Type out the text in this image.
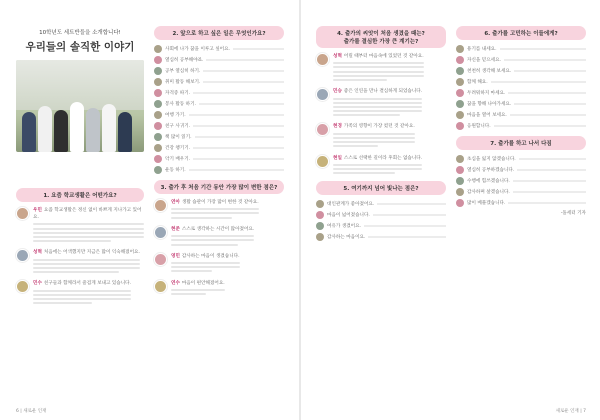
10학년도 세트반들을 소개합니다!
우리들의 솔직한 이야기
1. 요즘 학교생활은 어떤가요?
우민 요즘 학교생활은 정신 없이 바쁘게 지나가고 있어요.
성혁 처음에는 어색했지만 지금은 많이 익숙해졌어요.
민수 친구들과 함께라서 즐겁게 보내고 있습니다.
2. 앞으로 하고 싶은 일은 무엇인가요?
사회에 나가 꿈을 이루고 싶어요.
열심히 공부해야죠.
공부 열심히 하기.
취미 활동 해보기.
자격증 따기.
봉사 활동 하기.
여행 가기.
친구 사귀기.
책 많이 읽기.
건강 챙기기.
악기 배우기.
운동 하기.
3. 출가 후 처음 기간 동안 가장 많이 변한 점은?
연아 생활 습관이 가장 많이 변한 것 같아요.
현준 스스로 생각하는 시간이 많아졌어요.
영민 감사하는 마음이 생겼습니다.
연수 마음이 편안해졌어요.
4. 출가의 씨앗이 처음 생겼을 때는?
출가를 결심한 가장 큰 계기는?
성혁 어릴 때부터 마음속에 있었던 것 같아요.
민승 좋은 인연을 만나 결심하게 되었습니다.
현경 가족의 영향이 가장 컸던 것 같아요.
현일 스스로 선택한 길이라 후회는 없습니다.
5. 여기까지 넘어 빛나는 점은?
대인관계가 좋아졌어요.
마음이 넓어졌습니다.
여유가 생겼어요.
감사하는 마음이요.
6. 출가를 고민하는 이들에게?
용기를 내세요.
자신을 믿으세요.
천천히 생각해 보세요.
함께 해요.
두려워하지 마세요.
꿈을 향해 나아가세요.
마음을 열어 보세요.
응원합니다.
7. 출가를 하고 나서 다짐
초심을 잃지 않겠습니다.
열심히 공부하겠습니다.
수행에 힘쓰겠습니다.
감사하며 살겠습니다.
많이 베풀겠습니다.
-돌세터 기자
6 | 새로운 인재	새로운 인재 | 7
